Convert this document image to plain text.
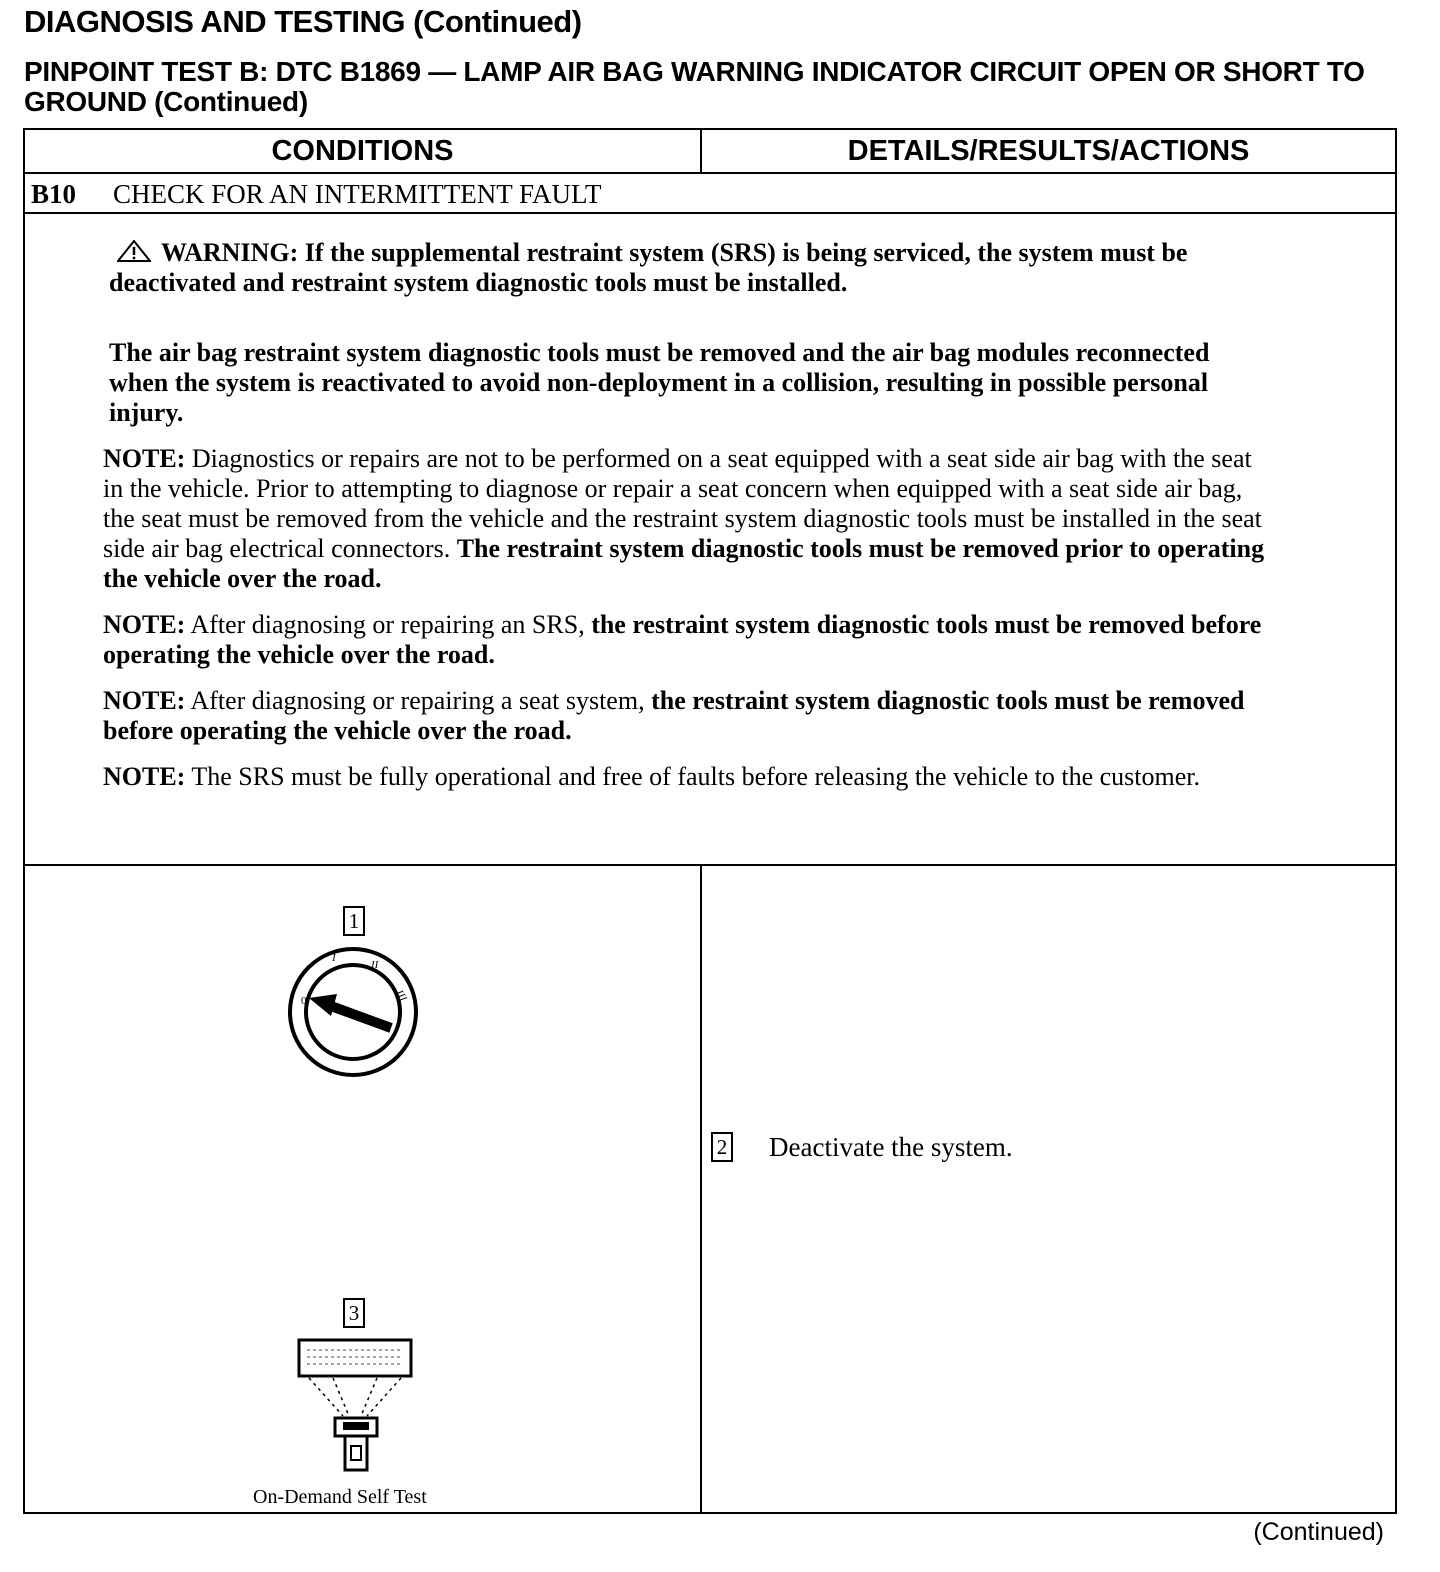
DIAGNOSIS AND TESTING (Continued)
PINPOINT TEST B: DTC B1869 — LAMP AIR BAG WARNING INDICATOR CIRCUIT OPEN OR SHORT TO GROUND (Continued)
CONDITIONS	DETAILS/RESULTS/ACTIONS
B10	CHECK FOR AN INTERMITTENT FAULT

WARNING: If the supplemental restraint system (SRS) is being serviced, the system must be deactivated and restraint system diagnostic tools must be installed.

The air bag restraint system diagnostic tools must be removed and the air bag modules reconnected when the system is reactivated to avoid non-deployment in a collision, resulting in possible personal injury.

NOTE: Diagnostics or repairs are not to be performed on a seat equipped with a seat side air bag with the seat in the vehicle. Prior to attempting to diagnose or repair a seat concern when equipped with a seat side air bag, the seat must be removed from the vehicle and the restraint system diagnostic tools must be installed in the seat side air bag electrical connectors. The restraint system diagnostic tools must be removed prior to operating the vehicle over the road.

NOTE: After diagnosing or repairing an SRS, the restraint system diagnostic tools must be removed before operating the vehicle over the road.

NOTE: After diagnosing or repairing a seat system, the restraint system diagnostic tools must be removed before operating the vehicle over the road.

NOTE: The SRS must be fully operational and free of faults before releasing the vehicle to the customer.

1
0
I
II
III
3
On-Demand Self Test
2 Deactivate the system.
(Continued)
